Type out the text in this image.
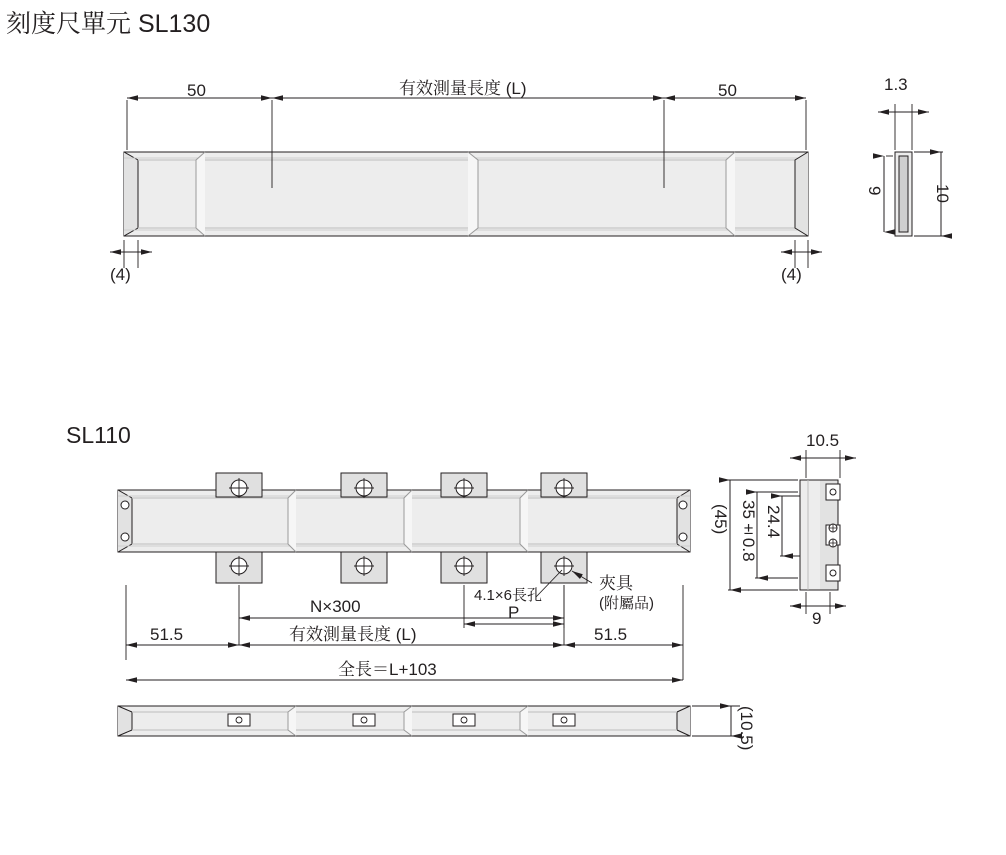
刻度尺單元 SL130
50	有效測量長度 (L)	50
(4)	(4)
1.3
9	10
SL110
N×300	P
4.1×6長孔
夾具
(附屬品)
有效測量長度 (L)
51.5	51.5
全長＝L+103
10.5
(45) 35±0.8 24.4
9
(10.5)
